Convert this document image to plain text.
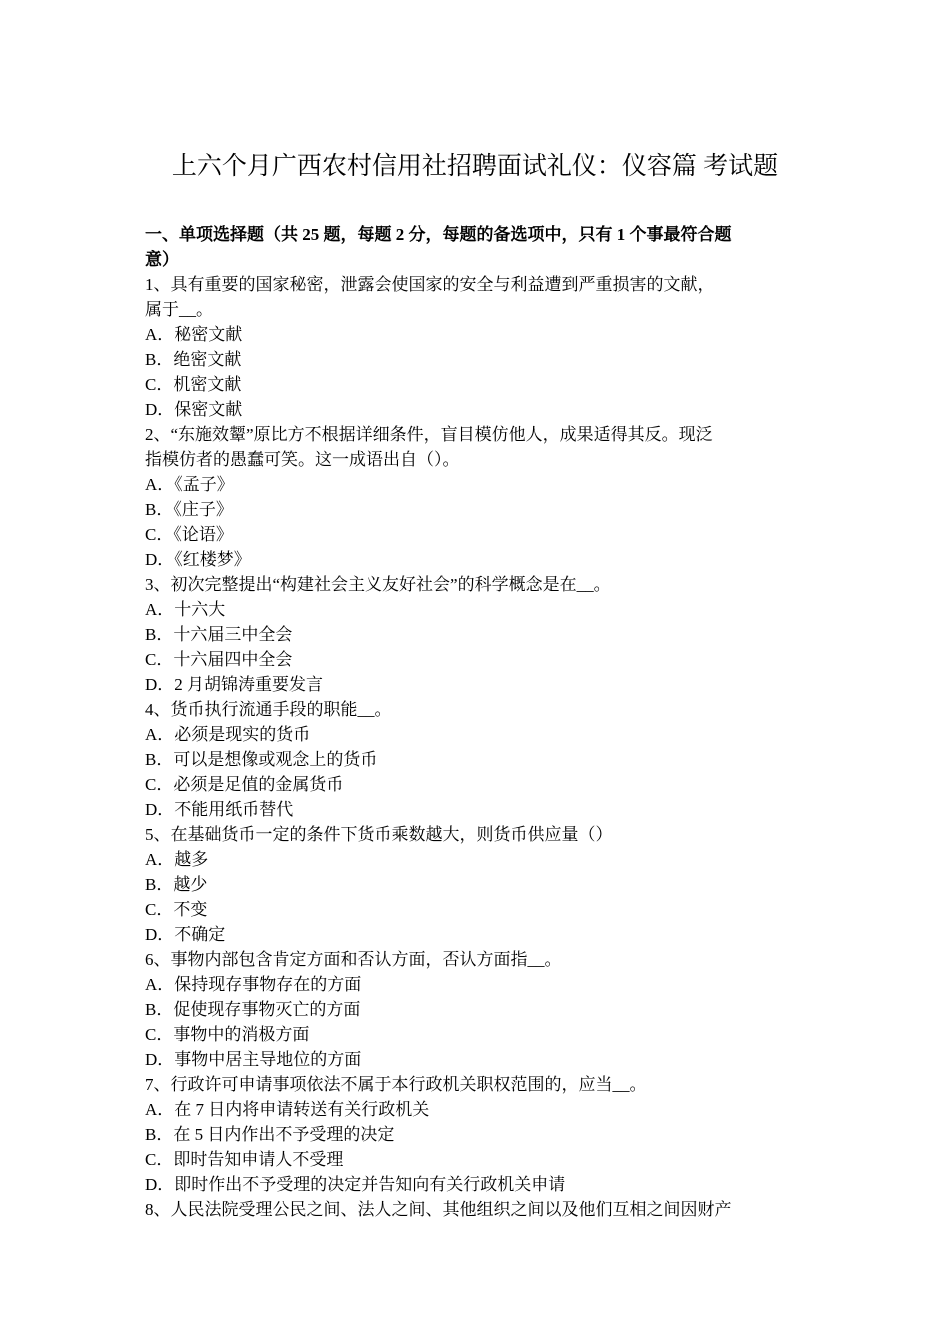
上六个月广西农村信用社招聘面试礼仪：仪容篇 考试题
一、单项选择题（共 25 题，每题 2 分，每题的备选项中，只有 1 个事最符合题
意）
1、具有重要的国家秘密，泄露会使国家的安全与利益遭到严重损害的文献，
属于__。
A．秘密文献
B．绝密文献
C．机密文献
D．保密文献
2、“东施效颦”原比方不根据详细条件，盲目模仿他人，成果适得其反。现泛
指模仿者的愚蠢可笑。这一成语出自（）。
A．《孟子》
B．《庄子》
C．《论语》
D．《红楼梦》
3、初次完整提出“构建社会主义友好社会”的科学概念是在__。
A．十六大
B．十六届三中全会
C．十六届四中全会
D．2 月胡锦涛重要发言
4、货币执行流通手段的职能__。
A．必须是现实的货币
B．可以是想像或观念上的货币
C．必须是足值的金属货币
D．不能用纸币替代
5、在基础货币一定的条件下货币乘数越大，则货币供应量（）
A．越多
B．越少
C．不变
D．不确定
6、事物内部包含肯定方面和否认方面，否认方面指__。
A．保持现存事物存在的方面
B．促使现存事物灭亡的方面
C．事物中的消极方面
D．事物中居主导地位的方面
7、行政许可申请事项依法不属于本行政机关职权范围的，应当__。
A．在 7 日内将申请转送有关行政机关
B．在 5 日内作出不予受理的决定
C．即时告知申请人不受理
D．即时作出不予受理的决定并告知向有关行政机关申请
8、人民法院受理公民之间、法人之间、其他组织之间以及他们互相之间因财产
